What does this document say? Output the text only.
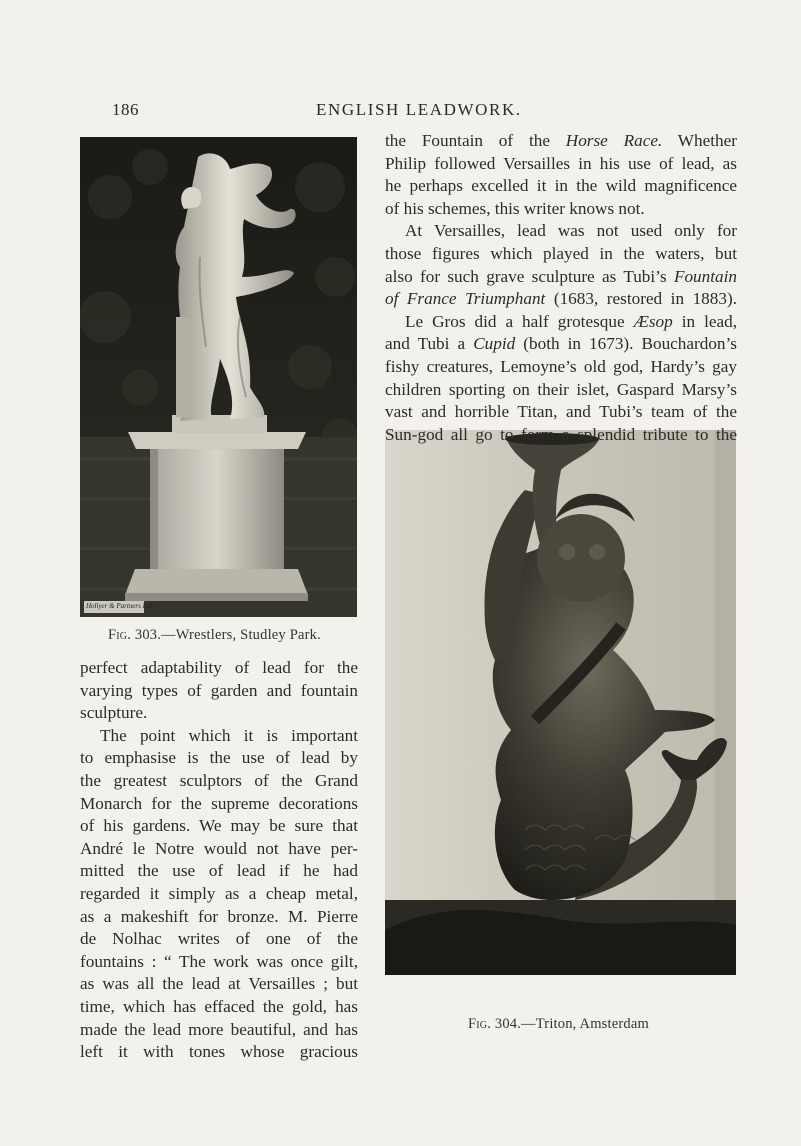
186	ENGLISH LEADWORK.
Hollyer & Partners Ltd.
Fig. 303.—Wrestlers, Studley Park.
Fig. 304.—Triton, Amsterdam

the Fountain of the Horse Race. Whether

Philip followed Versailles in his use of lead, as

he perhaps excelled it in the wild magnificence

of his schemes, this writer knows not.

At Versailles, lead was not used only for

those figures which played in the waters, but

also for such grave sculpture as Tubi’s Fountain

of France Triumphant (1683, restored in 1883).

Le Gros did a half grotesque Æsop in lead,

and Tubi a Cupid (both in 1673). Bouchardon’s

fishy creatures, Lemoyne’s old god, Hardy’s gay

children sporting on their islet, Gaspard Marsy’s

vast and horrible Titan, and Tubi’s team of the

Sun-god all go to form a splendid tribute to the

perfect adaptability of lead for the

varying types of garden and fountain

sculpture.

The point which it is important

to emphasise is the use of lead by

the greatest sculptors of the Grand

Monarch for the supreme decorations

of his gardens. We may be sure that

André le Notre would not have per-

mitted the use of lead if he had

regarded it simply as a cheap metal,

as a makeshift for bronze. M. Pierre

de Nolhac writes of one of the

fountains : “ The work was once gilt,

as was all the lead at Versailles ; but

time, which has effaced the gold, has

made the lead more beautiful, and has

left it with tones whose gracious
